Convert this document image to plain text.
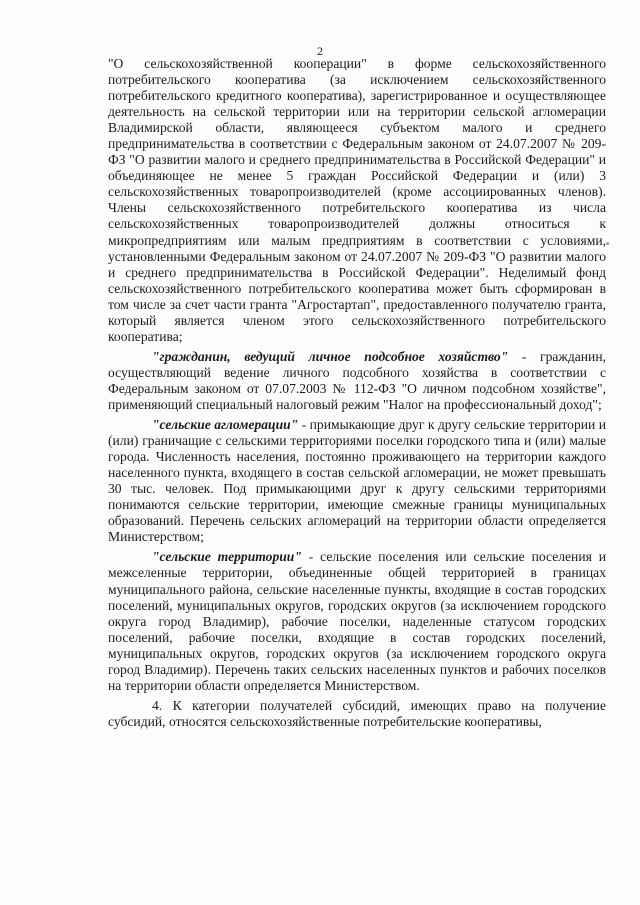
2

"О сельскохозяйственной кооперации" в форме сельскохозяйственного потребительского кооператива (за исключением сельскохозяйственного потребительского кредитного кооператива), зарегистрированное и осуществляющее деятельность на сельской территории или на территории сельской агломерации Владимирской области, являющееся субъектом малого и среднего предпринимательства в соответствии с Федеральным законом от 24.07.2007 № 209-ФЗ "О развитии малого и среднего предпринимательства в Российской Федерации" и объединяющее не менее 5 граждан Российской Федерации и (или) 3 сельскохозяйственных товаропроизводителей (кроме ассоциированных членов). Члены сельскохозяйственного потребительского кооператива из числа сельскохозяйственных товаропроизводителей должны относиться к микропредприятиям или малым предприятиям в соответствии с условиями, установленными Федеральным законом от 24.07.2007 № 209-ФЗ "О развитии малого и среднего предпринимательства в Российской Федерации". Неделимый фонд сельскохозяйственного потребительского кооператива может быть сформирован в том числе за счет части гранта "Агростартап", предоставленного получателю гранта, который является членом этого сельскохозяйственного потребительского кооператива;

"гражданин, ведущий личное подсобное хозяйство" - гражданин, осуществляющий ведение личного подсобного хозяйства в соответствии с Федеральным законом от 07.07.2003 № 112-ФЗ "О личном подсобном хозяйстве", применяющий специальный налоговый режим "Налог на профессиональный доход";

"сельские агломерации" - примыкающие друг к другу сельские территории и (или) граничащие с сельскими территориями поселки городского типа и (или) малые города. Численность населения, постоянно проживающего на территории каждого населенного пункта, входящего в состав сельской агломерации, не может превышать 30 тыс. человек. Под примыкающими друг к другу сельскими территориями понимаются сельские территории, имеющие смежные границы муниципальных образований. Перечень сельских агломераций на территории области определяется Министерством;

"сельские территории" - сельские поселения или сельские поселения и межселенные территории, объединенные общей территорией в границах муниципального района, сельские населенные пункты, входящие в состав городских поселений, муниципальных округов, городских округов (за исключением городского округа город Владимир), рабочие поселки, наделенные статусом городских поселений, рабочие поселки, входящие в состав городских поселений, муниципальных округов, городских округов (за исключением городского округа город Владимир). Перечень таких сельских населенных пунктов и рабочих поселков на территории области определяется Министерством.

4. К категории получателей субсидий, имеющих право на получение субсидий, относятся сельскохозяйственные потребительские кооперативы,
